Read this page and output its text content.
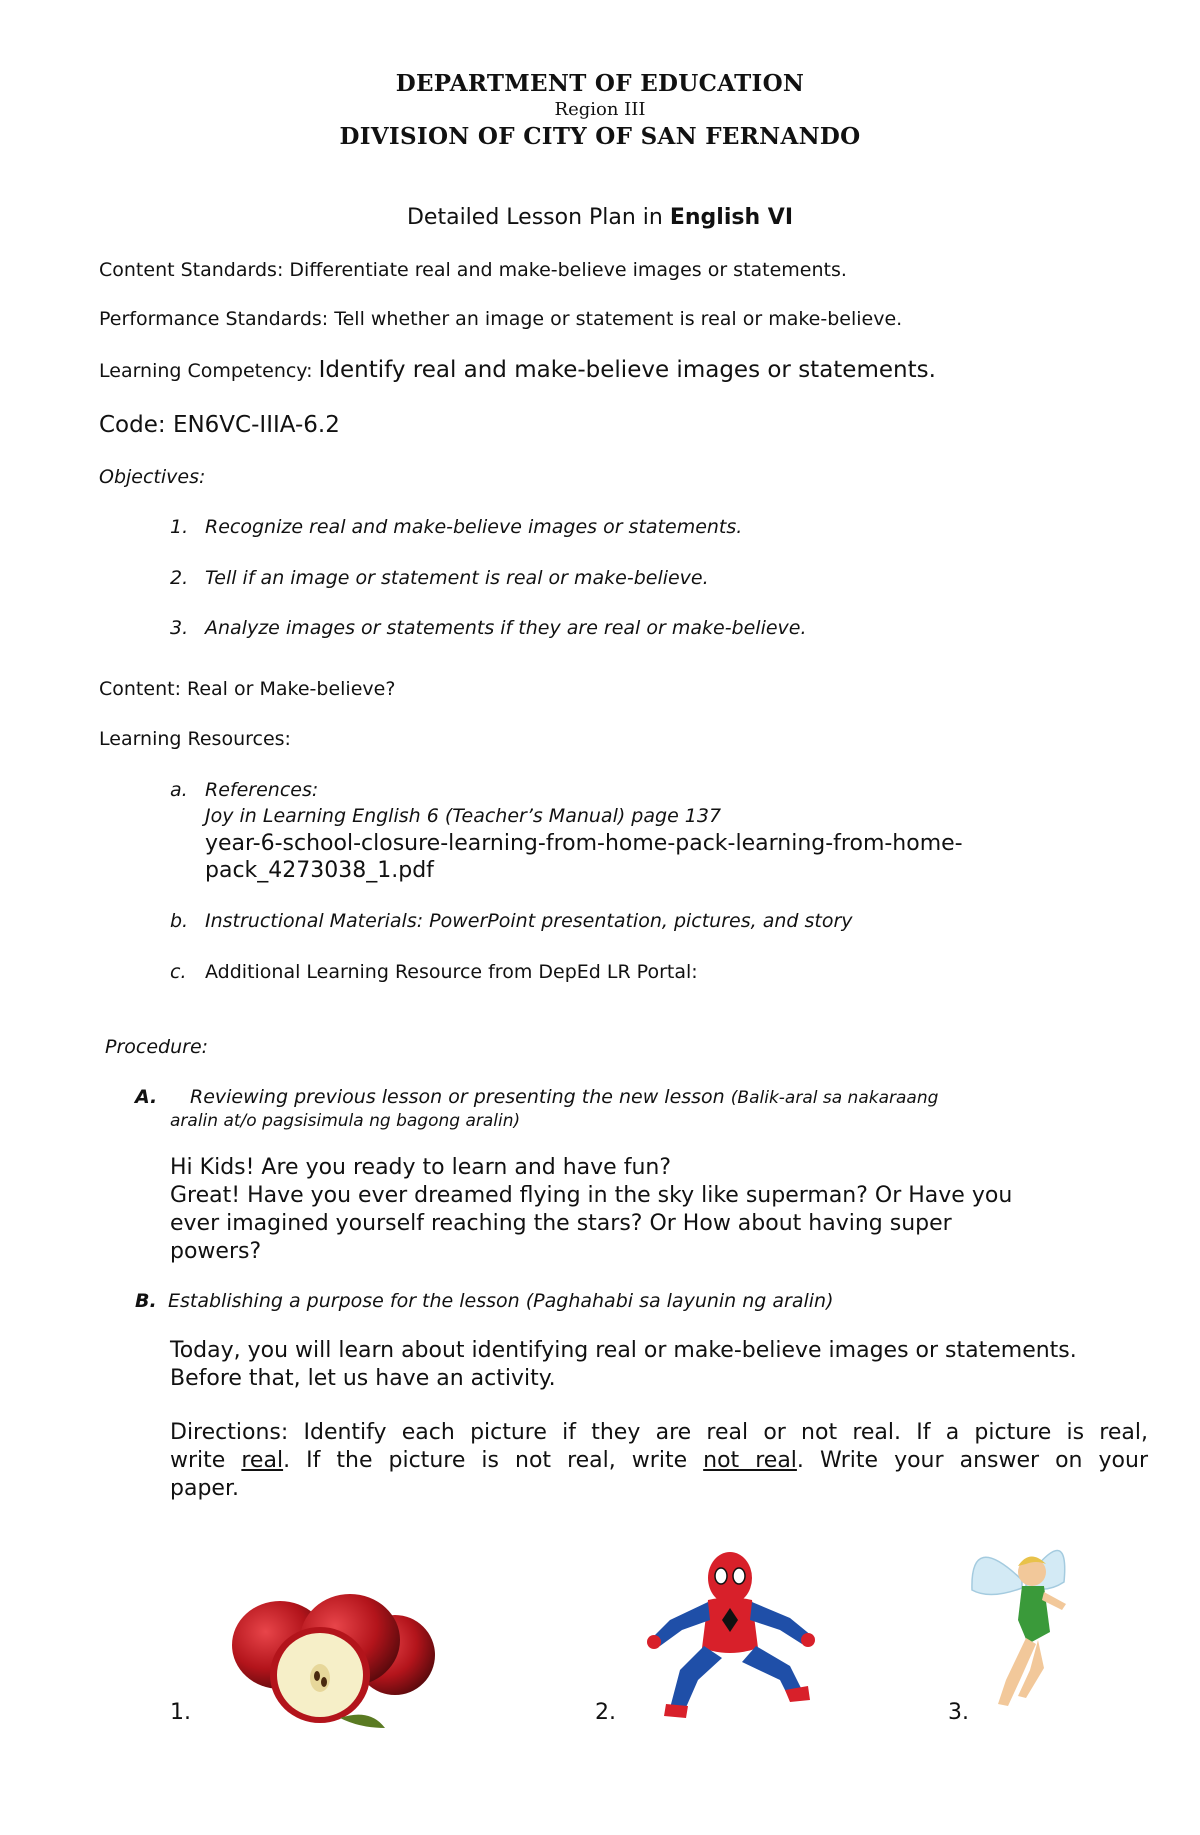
DEPARTMENT OF EDUCATION
Region III
DIVISION OF CITY OF SAN FERNANDO
Detailed Lesson Plan in English VI
Content Standards: Differentiate real and make-believe images or statements.
Performance Standards: Tell whether an image or statement is real or make-believe.
Learning Competency: Identify real and make-believe images or statements.
Code: EN6VC-IIIA-6.2
Objectives:
1. Recognize real and make-believe images or statements.
2. Tell if an image or statement is real or make-believe.
3. Analyze images or statements if they are real or make-believe.
Content: Real or Make-believe?
Learning Resources:
a. References:
Joy in Learning English 6 (Teacher’s Manual) page 137
year-6-school-closure-learning-from-home-pack-learning-from-home-
pack_4273038_1.pdf
b. Instructional Materials: PowerPoint presentation, pictures, and story
c. Additional Learning Resource from DepEd LR Portal:
Procedure:
A. Reviewing previous lesson or presenting the new lesson (Balik-aral sa nakaraang
aralin at/o pagsisimula ng bagong aralin)
Hi Kids! Are you ready to learn and have fun?
Great! Have you ever dreamed flying in the sky like superman? Or Have you
ever imagined yourself reaching the stars? Or How about having super
powers?
B. Establishing a purpose for the lesson (Paghahabi sa layunin ng aralin)
Today, you will learn about identifying real or make-believe images or statements.
Before that, let us have an activity.
Directions: Identify each picture if they are real or not real. If a picture is real,
write real. If the picture is not real, write not real. Write your answer on your
paper.
1.	2.	3.
